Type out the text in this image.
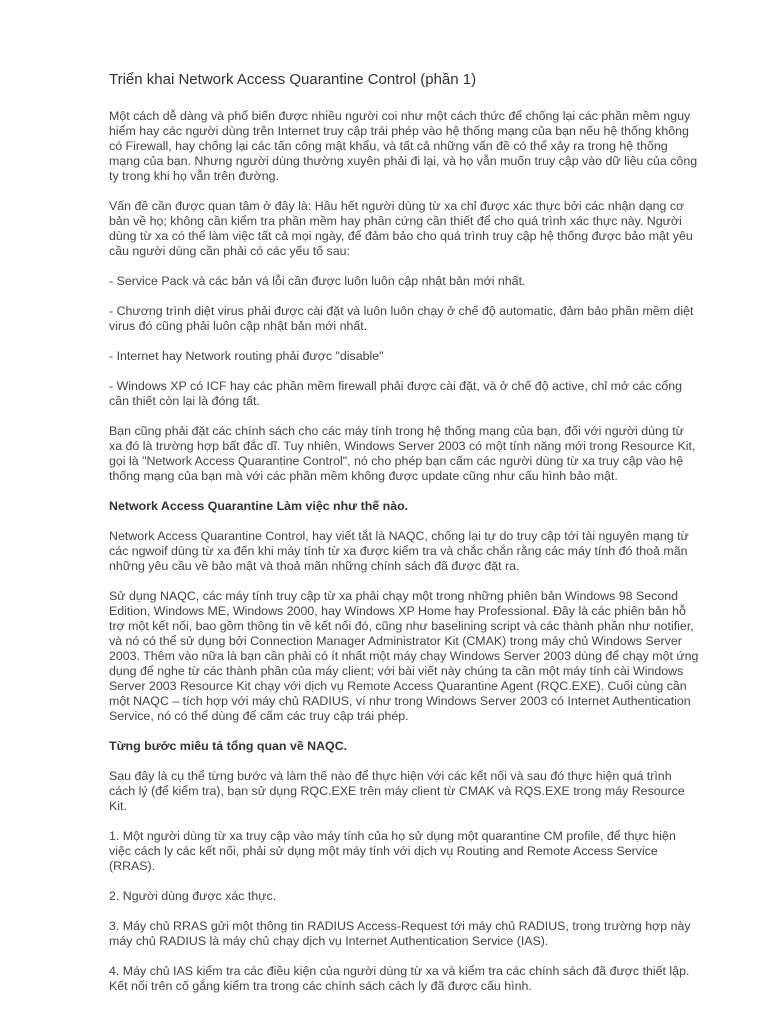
Triển khai Network Access Quarantine Control (phần 1)

Một cách dễ dàng và phổ biến được nhiều người coi như một cách thức để chống lại các phần mềm nguy hiểm hay các người dùng trên Internet truy cập trái phép vào hệ thống mạng của bạn nếu hệ thống không có Firewall, hay chống lại các tấn công mật khẩu, và tất cả những vấn đề có thể xảy ra trong hệ thống mạng của bạn. Nhưng người dùng thường xuyên phải đi lại, và họ vẫn muốn truy cập vào dữ liệu của công ty trong khi họ vẫn trên đường.

Vấn đề cần được quan tâm ở đây là: Hầu hết người dùng từ xa chỉ được xác thực bởi các nhận dạng cơ bản về họ; không cần kiểm tra phần mềm hay phần cứng cần thiết để cho quá trình xác thực này. Người dùng từ xa có thể làm việc tất cả mọi ngày, để đảm bảo cho quá trình truy cập hệ thống được bảo mật yêu cầu người dùng cần phải có các yếu tố sau:

- Service Pack và các bản vá lỗi cần được luôn luôn cập nhật bản mới nhất.

- Chương trình diệt virus phải được cài đặt và luôn luôn chạy ở chế độ automatic, đảm bảo phần mềm diệt virus đó cũng phải luôn cập nhật bản mới nhất.

- Internet hay Network routing phải được "disable"

- Windows XP có ICF hay các phần mềm firewall phải được cài đặt, và ở chế độ active, chỉ mở các cổng cần thiết còn lại là đóng tất.

Bạn cũng phải đặt các chính sách cho các máy tính trong hệ thống mạng của bạn, đối với người dùng từ xa đó là trường hợp bất đắc dĩ. Tuy nhiên, Windows Server 2003 có một tính năng mới trong Resource Kit, gọi là "Network Access Quarantine Control", nó cho phép bạn cấm các người dùng từ xa truy cập vào hệ thống mạng của bạn mà với các phần mềm không được update cũng như cấu hình bảo mật.

Network Access Quarantine Làm việc như thế nào.

Network Access Quarantine Control, hay viết tắt là NAQC, chống lại tự do truy cập tới tài nguyên mạng từ các ngwoif dùng từ xa đến khi máy tính từ xa được kiểm tra và chắc chắn rằng các máy tính đó thoả mãn những yêu cầu về bảo mật và thoả mãn những chính sách đã được đặt ra.

Sử dụng NAQC, các máy tính truy cập từ xa phải chạy một trong những phiên bản Windows 98 Second Edition, Windows ME, Windows 2000, hay Windows XP Home hay Professional. Đây là các phiên bản hỗ trợ một kết nối, bao gồm thông tin về kết nối đó, cũng như baselining script và các thành phần như notifier, và nó có thể sử dụng bởi Connection Manager Administrator Kit (CMAK) trong máy chủ Windows Server 2003. Thêm vào nữa là bạn cần phải có ít nhất một máy chạy Windows Server 2003 dùng để chạy một ứng dụng để nghe từ các thành phần của máy client; với bài viết này chúng ta cần một máy tính cài Windows Server 2003 Resource Kit chạy với dịch vụ Remote Access Quarantine Agent (RQC.EXE). Cuối cùng cần một NAQC – tích hợp với máy chủ RADIUS, ví như trong Windows Server 2003 có Internet Authentication Service, nó có thể dùng để cấm các truy cập trái phép.

Từng bước miêu tả tổng quan về NAQC.

Sau đây là cụ thể từng bước và làm thế nào để thực hiện với các kết nối và sau đó thực hiện quá trình cách lý (để kiểm tra), bạn sử dụng RQC.EXE trên máy client từ CMAK và RQS.EXE trong máy Resource Kit.

1. Một người dùng từ xa truy cập vào máy tính của họ sử dụng một quarantine CM profile, để thực hiện việc cách ly các kết nối, phải sử dụng một máy tính với dịch vụ Routing and Remote Access Service (RRAS).

2. Người dùng được xác thực.

3. Máy chủ RRAS gửi một thông tin RADIUS Access-Request tới máy chủ RADIUS, trong trường hợp này máy chủ RADIUS là máy chủ chạy dịch vụ Internet Authentication Service (IAS).

4. Máy chủ IAS kiểm tra các điều kiện của người dùng từ xa và kiểm tra các chính sách đã được thiết lập. Kết nối trên cố gắng kiểm tra trong các chính sách cách ly đã được cấu hình.
